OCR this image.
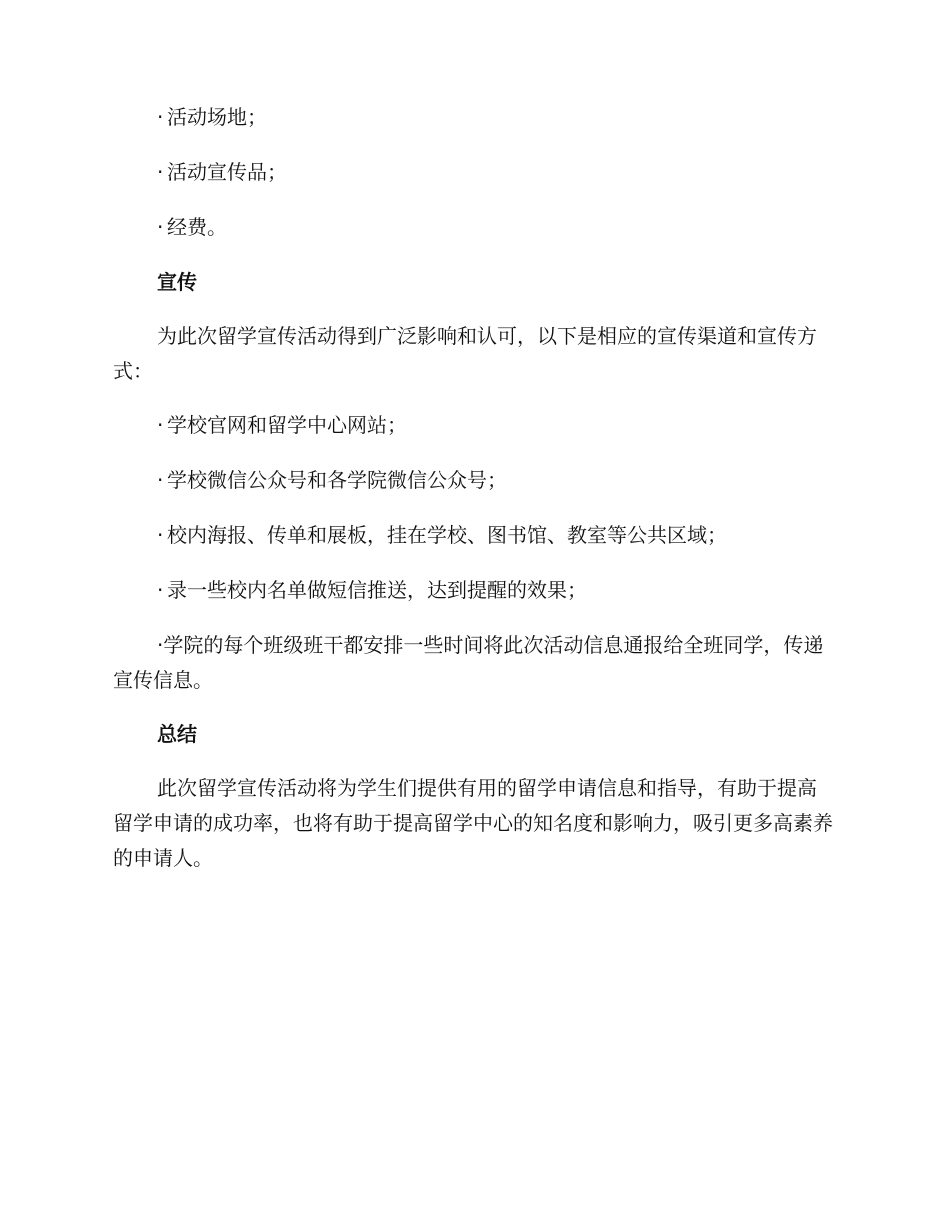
· 活动场地；

· 活动宣传品；

· 经费。

宣传

为此次留学宣传活动得到广泛影响和认可，以下是相应的宣传渠道和宣传方式：

· 学校官网和留学中心网站；

· 学校微信公众号和各学院微信公众号；

· 校内海报、传单和展板，挂在学校、图书馆、教室等公共区域；

· 录一些校内名单做短信推送，达到提醒的效果；

·学院的每个班级班干都安排一些时间将此次活动信息通报给全班同学，传递宣传信息。

总结

此次留学宣传活动将为学生们提供有用的留学申请信息和指导，有助于提高留学申请的成功率，也将有助于提高留学中心的知名度和影响力，吸引更多高素养的申请人。
